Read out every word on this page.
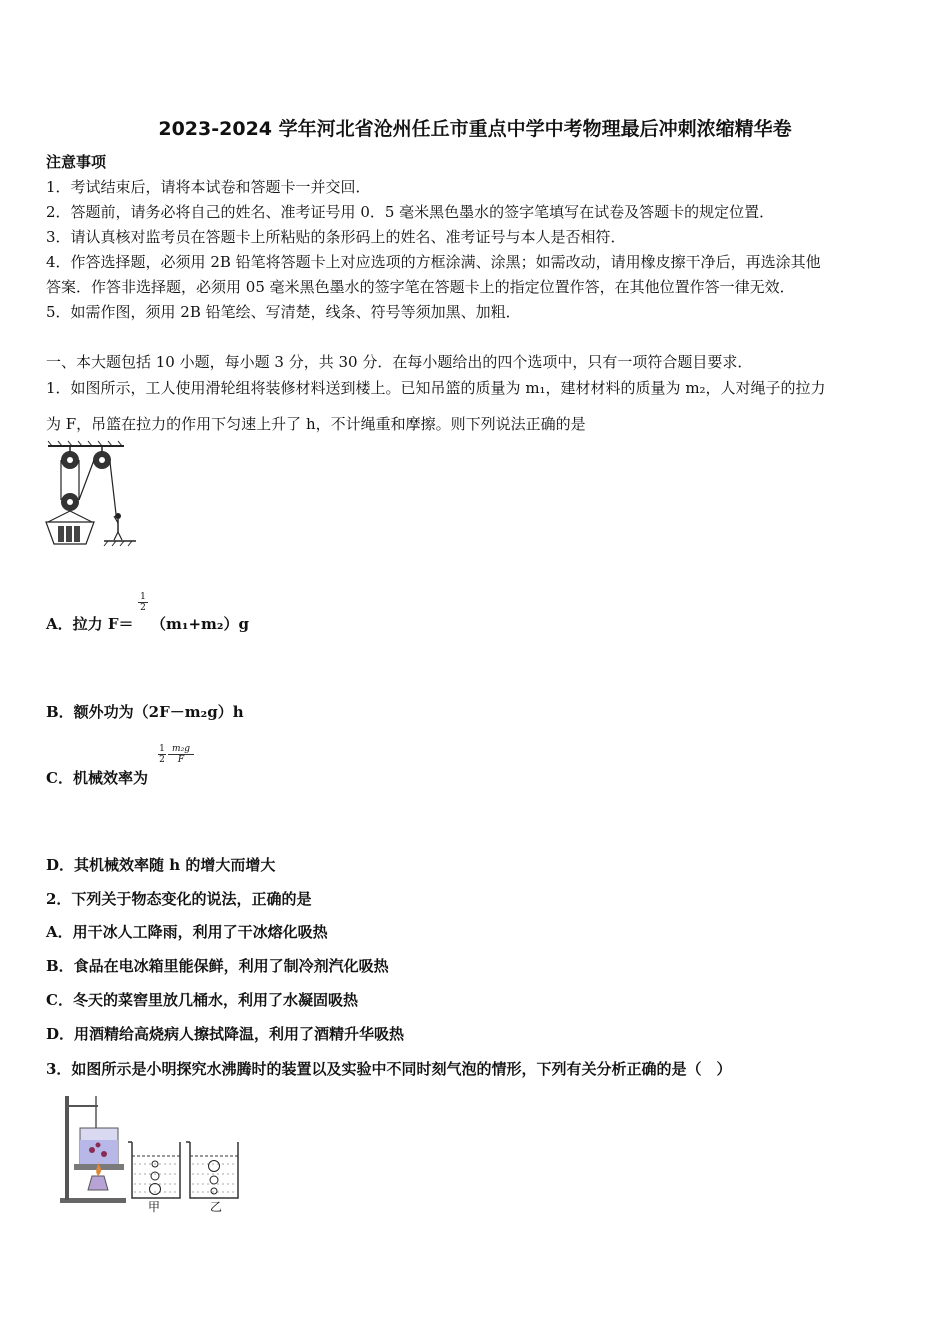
2023-2024 学年河北省沧州任丘市重点中学中考物理最后冲刺浓缩精华卷
注意事项
1．考试结束后，请将本试卷和答题卡一并交回．
2．答题前，请务必将自己的姓名、准考证号用 0．5 毫米黑色墨水的签字笔填写在试卷及答题卡的规定位置．
3．请认真核对监考员在答题卡上所粘贴的条形码上的姓名、准考证号与本人是否相符．
4．作答选择题，必须用 2B 铅笔将答题卡上对应选项的方框涂满、涂黑；如需改动，请用橡皮擦干净后，再选涂其他
答案．作答非选择题，必须用 05 毫米黑色墨水的签字笔在答题卡上的指定位置作答，在其他位置作答一律无效．
5．如需作图，须用 2B 铅笔绘、写清楚，线条、符号等须加黑、加粗．
一、本大题包括 10 小题，每小题 3 分，共 30 分．在每小题给出的四个选项中，只有一项符合题目要求．
1．如图所示，工人使用滑轮组将装修材料送到楼上。已知吊篮的质量为 m₁，建材材料的质量为 m₂，人对绳子的拉力
为 F，吊篮在拉力的作用下匀速上升了 h，不计绳重和摩擦。则下列说法正确的是
A．拉力 F＝
$\frac{1}{2}$
（m₁+m₂）g
B．额外功为（2F－m₂g）h
C．机械效率为
$\frac{1}{2} \frac{\text{m₂g}}{F}$
D．其机械效率随 h 的增大而增大
2．下列关于物态变化的说法，正确的是
A．用干冰人工降雨，利用了干冰熔化吸热
B．食品在电冰箱里能保鲜，利用了制冷剂汽化吸热
C．冬天的菜窖里放几桶水，利用了水凝固吸热
D．用酒精给高烧病人擦拭降温，利用了酒精升华吸热
3．如图所示是小明探究水沸腾时的装置以及实验中不同时刻气泡的情形，下列有关分析正确的是（　）
甲	乙
